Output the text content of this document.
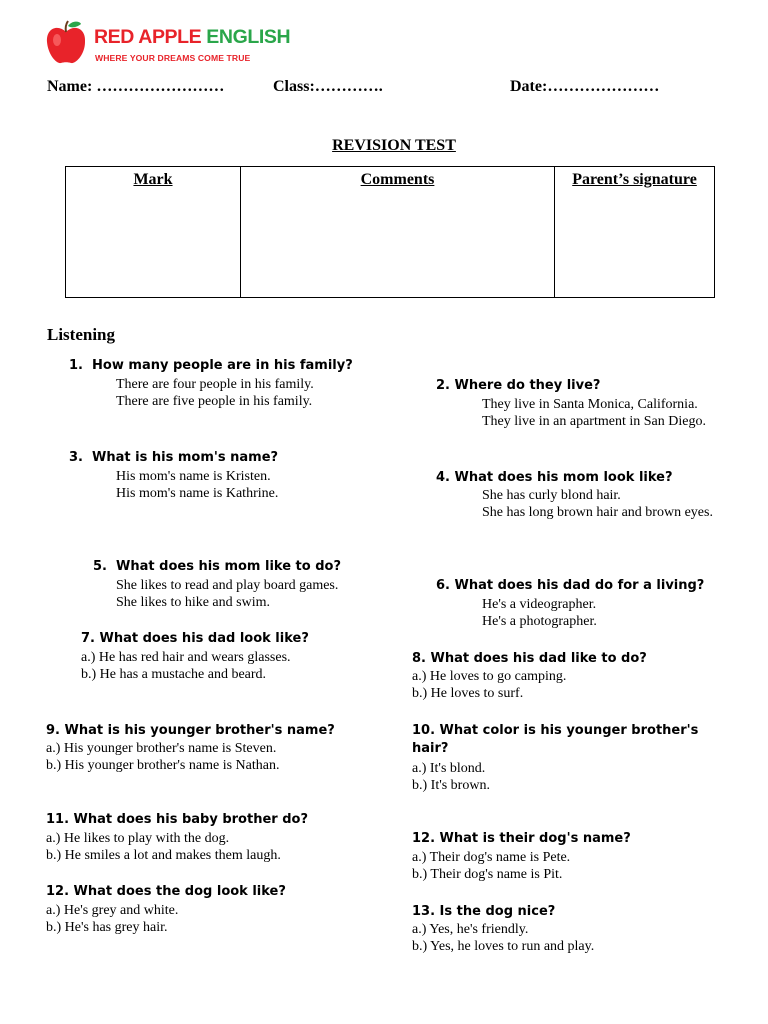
RED APPLE ENGLISH
WHERE YOUR DREAMS COME TRUE
Name: ……………………	Class:………….	Date:…………………
REVISION TEST
Mark	Comments	Parent’s signature
Listening
1. How many people are in his family?
There are four people in his family.
There are five people in his family.
2. Where do they live?
They live in Santa Monica, California.
They live in an apartment in San Diego.
3. What is his mom's name?
His mom's name is Kristen.
His mom's name is Kathrine.
4. What does his mom look like?
She has curly blond hair.
She has long brown hair and brown eyes.
5. What does his mom like to do?
She likes to read and play board games.
She likes to hike and swim.
6. What does his dad do for a living?
He's a videographer.
He's a photographer.
7. What does his dad look like?
a.) He has red hair and wears glasses.
b.) He has a mustache and beard.
8. What does his dad like to do?
a.) He loves to go camping.
b.) He loves to surf.
9. What is his younger brother's name?
a.) His younger brother's name is Steven.
b.) His younger brother's name is Nathan.
10. What color is his younger brother's hair?
a.) It's blond.
b.) It's brown.
11. What does his baby brother do?
a.) He likes to play with the dog.
b.) He smiles a lot and makes them laugh.
12. What is their dog's name?
a.) Their dog's name is Pete.
b.) Their dog's name is Pit.
12. What does the dog look like?
a.) He's grey and white.
b.) He's has grey hair.
13. Is the dog nice?
a.) Yes, he's friendly.
b.) Yes, he loves to run and play.
